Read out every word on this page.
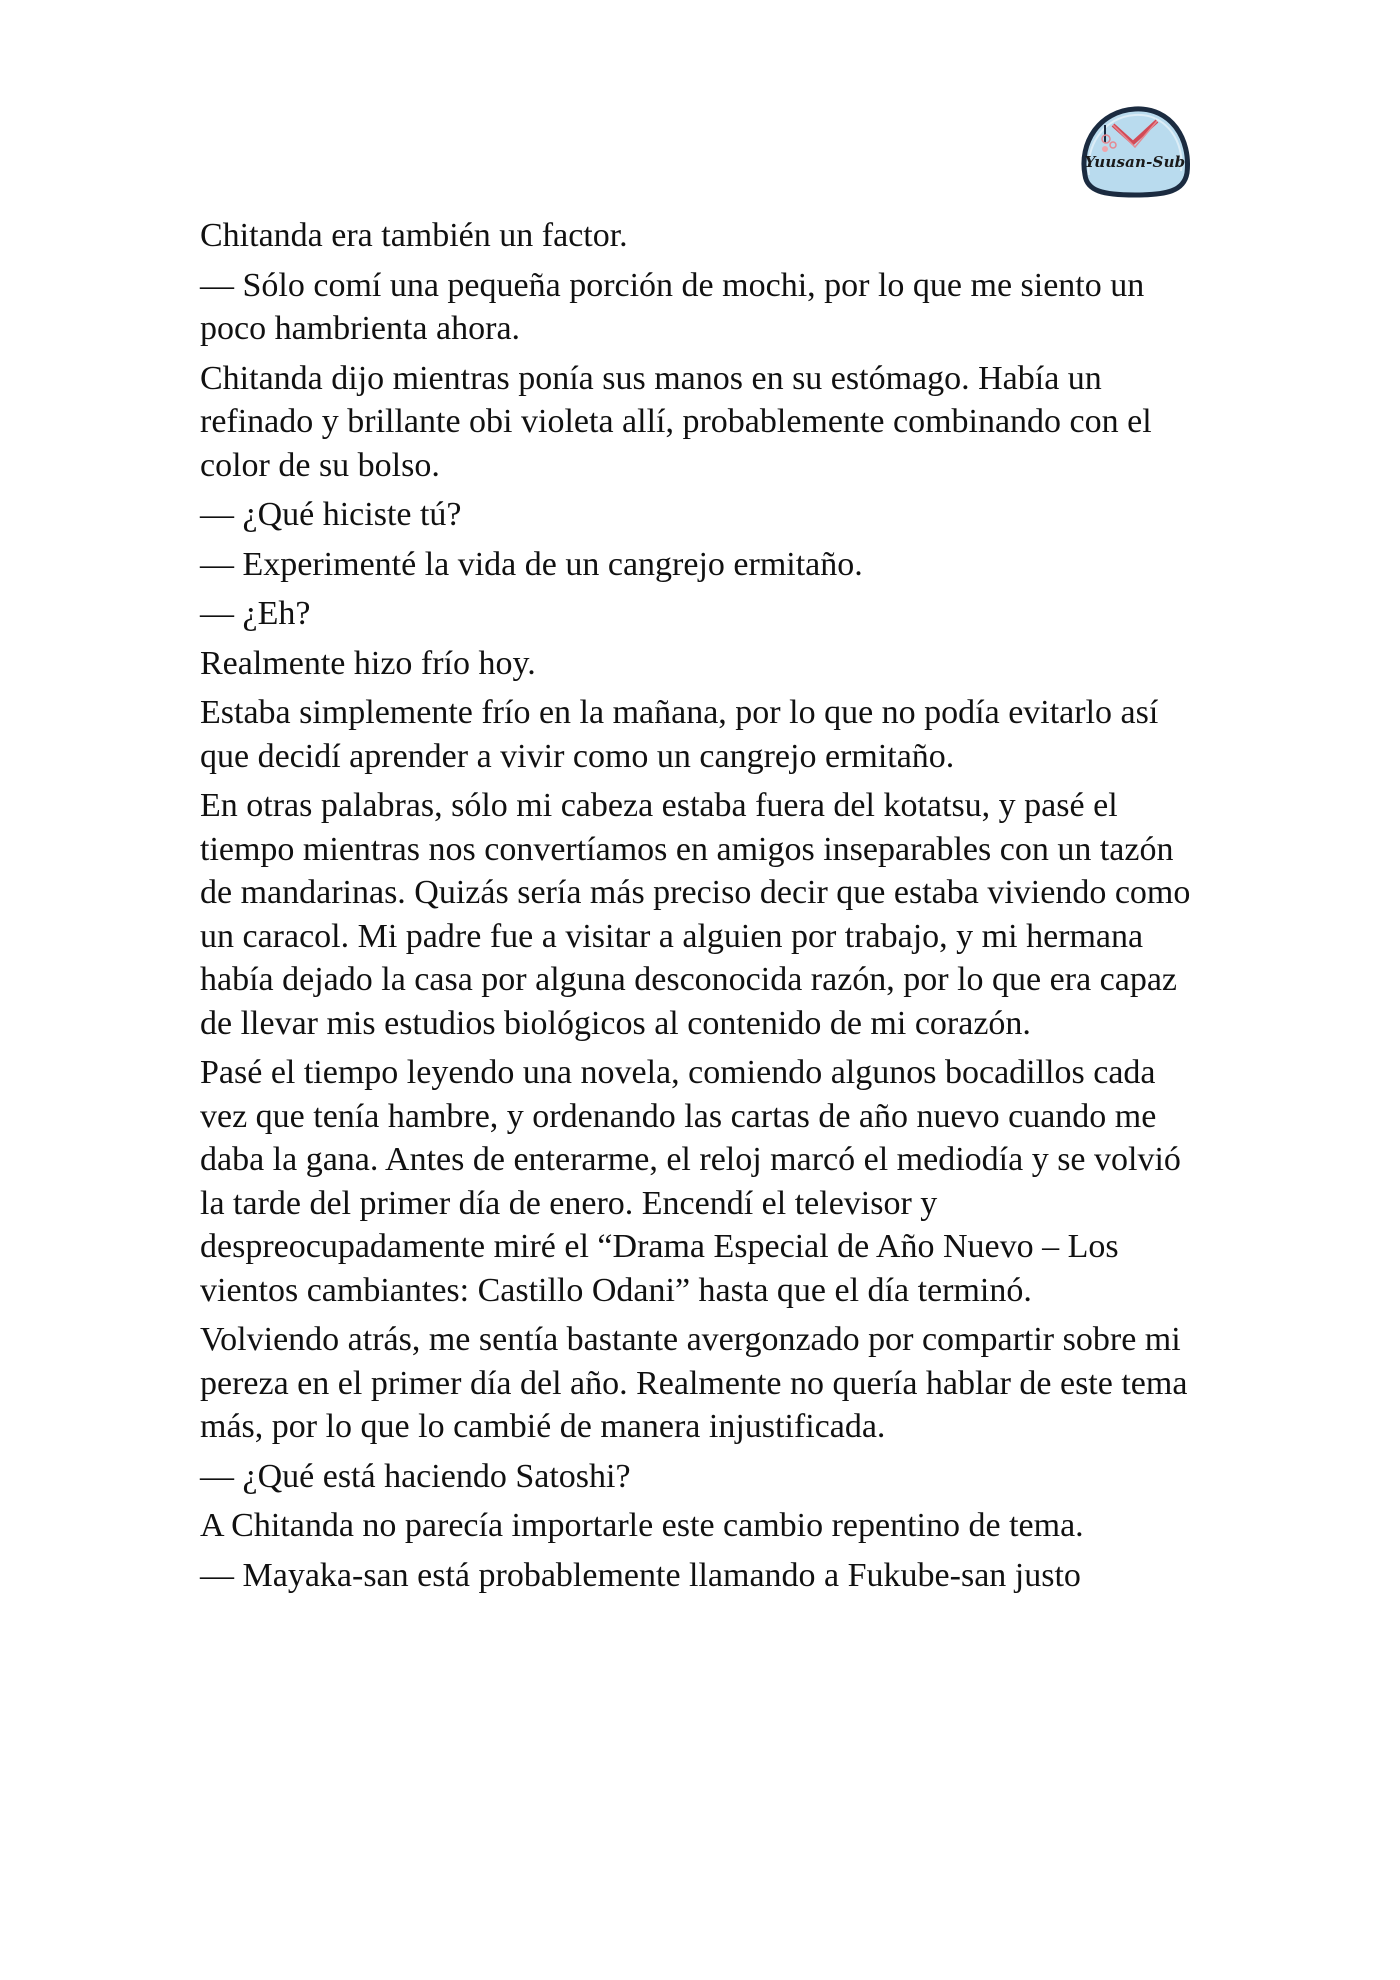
Yuusan-Sub

Chitanda era también un factor.

— Sólo comí una pequeña porción de mochi, por lo que me siento un poco hambrienta ahora.

Chitanda dijo mientras ponía sus manos en su estómago. Había un refinado y brillante obi violeta allí, probablemente combinando con el color de su bolso.

— ¿Qué hiciste tú?

— Experimenté la vida de un cangrejo ermitaño.

— ¿Eh?

Realmente hizo frío hoy.

Estaba simplemente frío en la mañana, por lo que no podía evitarlo así que decidí aprender a vivir como un cangrejo ermitaño.

En otras palabras, sólo mi cabeza estaba fuera del kotatsu, y pasé el tiempo mientras nos convertíamos en amigos inseparables con un tazón de mandarinas. Quizás sería más preciso decir que estaba viviendo como un caracol. Mi padre fue a visitar a alguien por trabajo, y mi hermana había dejado la casa por alguna desconocida razón, por lo que era capaz de llevar mis estudios biológicos al contenido de mi corazón.

Pasé el tiempo leyendo una novela, comiendo algunos bocadillos cada vez que tenía hambre, y ordenando las cartas de año nuevo cuando me daba la gana. Antes de enterarme, el reloj marcó el mediodía y se volvió la tarde del primer día de enero. Encendí el televisor y despreocupadamente miré el “Drama Especial de Año Nuevo – Los vientos cambiantes: Castillo Odani” hasta que el día terminó.

Volviendo atrás, me sentía bastante avergonzado por compartir sobre mi pereza en el primer día del año. Realmente no quería hablar de este tema más, por lo que lo cambié de manera injustificada.

— ¿Qué está haciendo Satoshi?

A Chitanda no parecía importarle este cambio repentino de tema.

— Mayaka-san está probablemente llamando a Fukube-san justo
